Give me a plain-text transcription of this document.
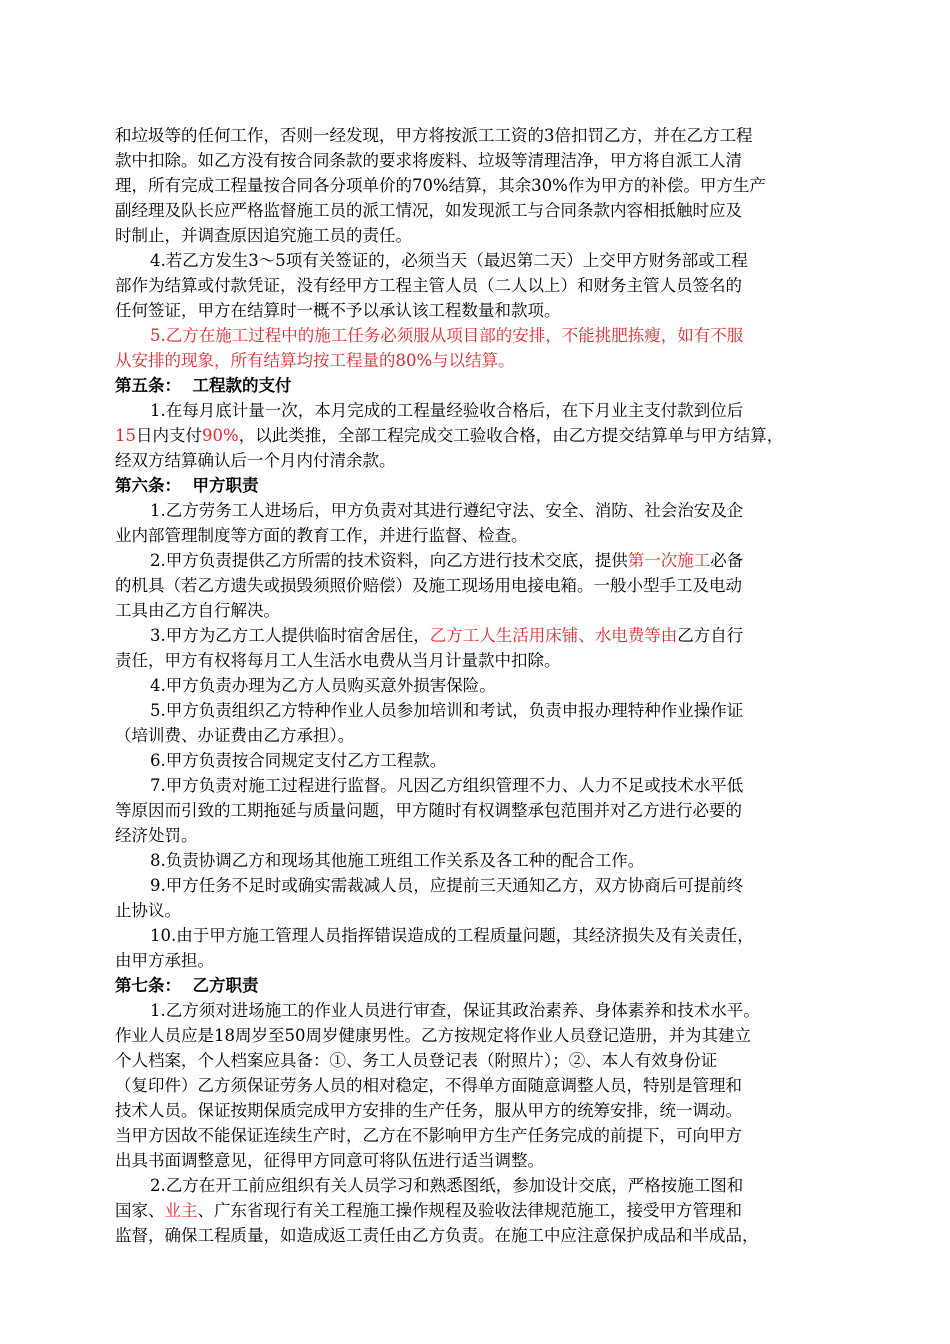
和垃圾等的任何工作，否则一经发现，甲方将按派工工资的3倍扣罚乙方，并在乙方工程
款中扣除。如乙方没有按合同条款的要求将废料、垃圾等清理洁净，甲方将自派工人清
理，所有完成工程量按合同各分项单价的70%结算，其余30%作为甲方的补偿。甲方生产
副经理及队长应严格监督施工员的派工情况，如发现派工与合同条款内容相抵触时应及
时制止，并调查原因追究施工员的责任。
4.若乙方发生3～5项有关签证的，必须当天（最迟第二天）上交甲方财务部或工程
部作为结算或付款凭证，没有经甲方工程主管人员（二人以上）和财务主管人员签名的
任何签证，甲方在结算时一概不予以承认该工程数量和款项。
5.乙方在施工过程中的施工任务必须服从项目部的安排，不能挑肥拣瘦，如有不服
从安排的现象，所有结算均按工程量的80%与以结算。
第五条：  工程款的支付
1.在每月底计量一次，本月完成的工程量经验收合格后，在下月业主支付款到位后
15日内支付90%，以此类推，全部工程完成交工验收合格，由乙方提交结算单与甲方结算，
经双方结算确认后一个月内付清余款。
第六条：  甲方职责
1.乙方劳务工人进场后，甲方负责对其进行遵纪守法、安全、消防、社会治安及企
业内部管理制度等方面的教育工作，并进行监督、检查。
2.甲方负责提供乙方所需的技术资料，向乙方进行技术交底，提供第一次施工必备
的机具（若乙方遗失或损毁须照价赔偿）及施工现场用电接电箱。一般小型手工及电动
工具由乙方自行解决。
3.甲方为乙方工人提供临时宿舍居住，乙方工人生活用床铺、水电费等由乙方自行
责任，甲方有权将每月工人生活水电费从当月计量款中扣除。
4.甲方负责办理为乙方人员购买意外损害保险。
5.甲方负责组织乙方特种作业人员参加培训和考试，负责申报办理特种作业操作证
（培训费、办证费由乙方承担）。
6.甲方负责按合同规定支付乙方工程款。
7.甲方负责对施工过程进行监督。凡因乙方组织管理不力、人力不足或技术水平低
等原因而引致的工期拖延与质量问题，甲方随时有权调整承包范围并对乙方进行必要的
经济处罚。
8.负责协调乙方和现场其他施工班组工作关系及各工种的配合工作。
9.甲方任务不足时或确实需裁减人员，应提前三天通知乙方，双方协商后可提前终
止协议。
10.由于甲方施工管理人员指挥错误造成的工程质量问题，其经济损失及有关责任，
由甲方承担。
第七条：  乙方职责
1.乙方须对进场施工的作业人员进行审查，保证其政治素养、身体素养和技术水平。
作业人员应是18周岁至50周岁健康男性。乙方按规定将作业人员登记造册，并为其建立
个人档案，个人档案应具备：①、务工人员登记表（附照片）；②、本人有效身份证
（复印件）乙方须保证劳务人员的相对稳定，不得单方面随意调整人员，特别是管理和
技术人员。保证按期保质完成甲方安排的生产任务，服从甲方的统筹安排，统一调动。
当甲方因故不能保证连续生产时，乙方在不影响甲方生产任务完成的前提下，可向甲方
出具书面调整意见，征得甲方同意可将队伍进行适当调整。
2.乙方在开工前应组织有关人员学习和熟悉图纸，参加设计交底，严格按施工图和
国家、业主、广东省现行有关工程施工操作规程及验收法律规范施工，接受甲方管理和
监督，确保工程质量，如造成返工责任由乙方负责。在施工中应注意保护成品和半成品，
